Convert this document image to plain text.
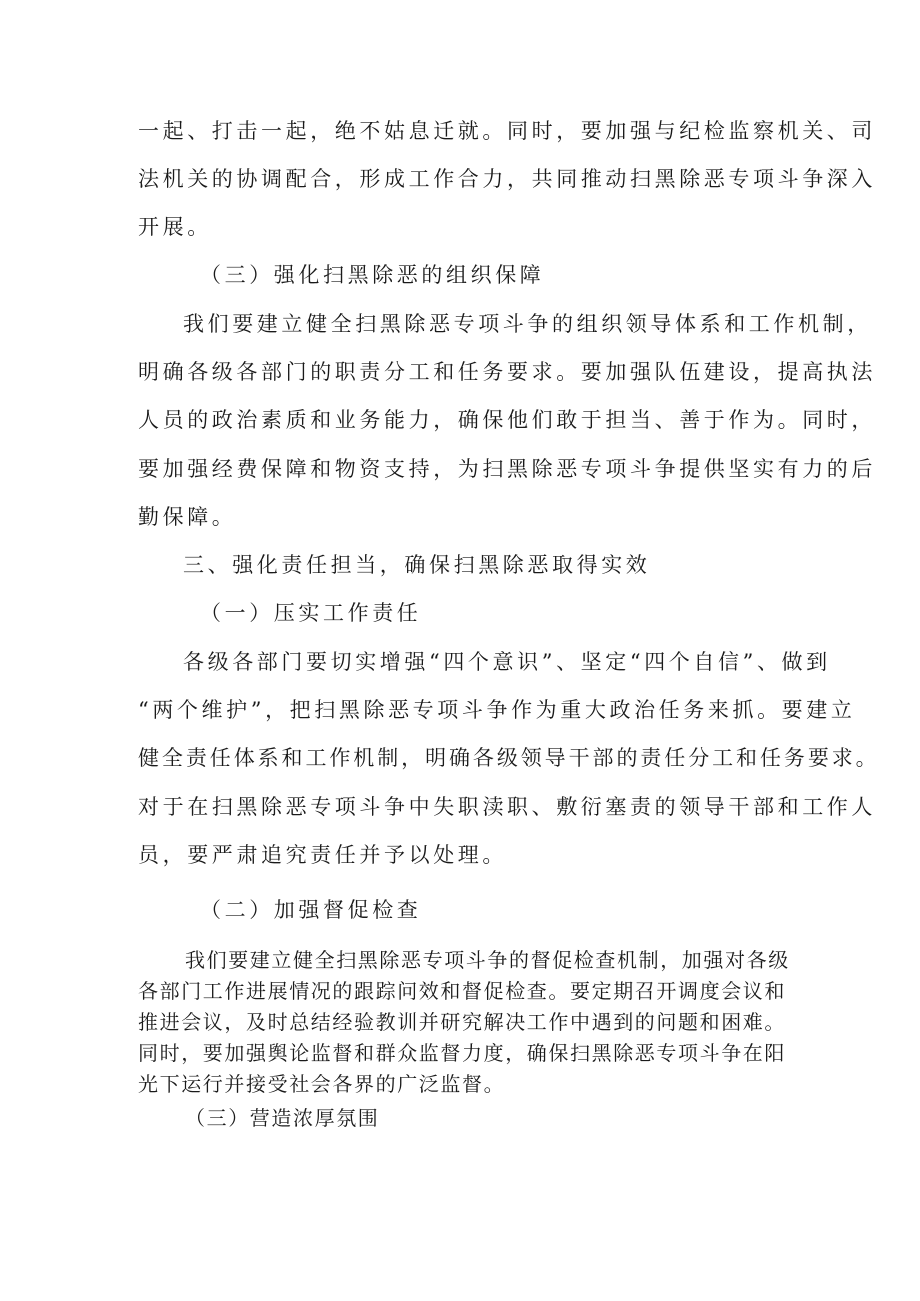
一起、打击一起，绝不姑息迁就。同时，要加强与纪检监察机关、司
法机关的协调配合，形成工作合力，共同推动扫黑除恶专项斗争深入
开展。
（三）强化扫黑除恶的组织保障
我们要建立健全扫黑除恶专项斗争的组织领导体系和工作机制，
明确各级各部门的职责分工和任务要求。要加强队伍建设，提高执法
人员的政治素质和业务能力，确保他们敢于担当、善于作为。同时，
要加强经费保障和物资支持，为扫黑除恶专项斗争提供坚实有力的后
勤保障。
三、强化责任担当，确保扫黑除恶取得实效
（一）压实工作责任
各级各部门要切实增强“四个意识”、坚定“四个自信”、做到
“两个维护”，把扫黑除恶专项斗争作为重大政治任务来抓。要建立
健全责任体系和工作机制，明确各级领导干部的责任分工和任务要求。
对于在扫黑除恶专项斗争中失职渎职、敷衍塞责的领导干部和工作人
员，要严肃追究责任并予以处理。
（二）加强督促检查
我们要建立健全扫黑除恶专项斗争的督促检查机制，加强对各级
各部门工作进展情况的跟踪问效和督促检查。要定期召开调度会议和
推进会议，及时总结经验教训并研究解决工作中遇到的问题和困难。
同时，要加强舆论监督和群众监督力度，确保扫黑除恶专项斗争在阳
光下运行并接受社会各界的广泛监督。
（三）营造浓厚氛围
